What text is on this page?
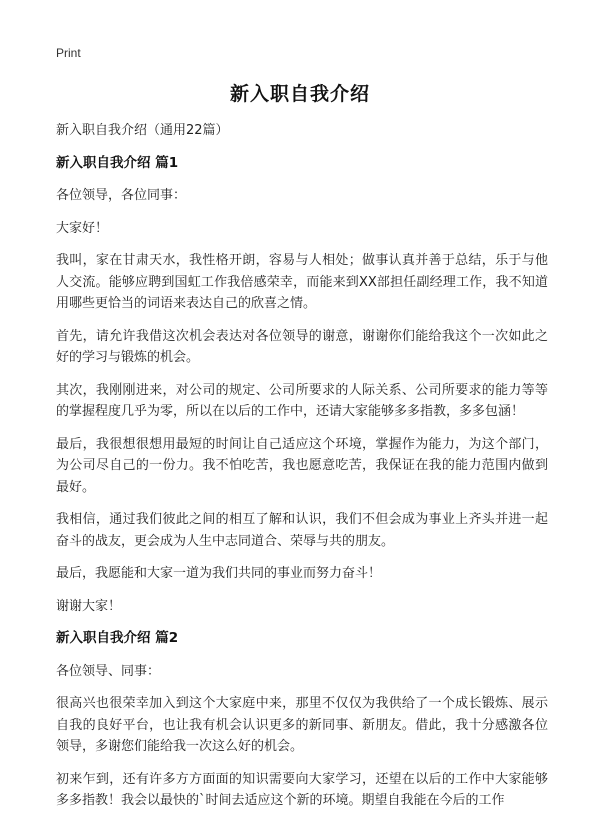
Print
新入职自我介绍

新入职自我介绍（通用22篇）

新入职自我介绍 篇1

各位领导，各位同事：

大家好！

我叫，家在甘肃天水，我性格开朗，容易与人相处；做事认真并善于总结，乐于与他人交流。能够应聘到国虹工作我倍感荣幸，而能来到XX部担任副经理工作，我不知道用哪些更恰当的词语来表达自己的欣喜之情。

首先，请允许我借这次机会表达对各位领导的谢意，谢谢你们能给我这个一次如此之好的学习与锻炼的机会。

其次，我刚刚进来，对公司的规定、公司所要求的人际关系、公司所要求的能力等等的掌握程度几乎为零，所以在以后的工作中，还请大家能够多多指教，多多包涵！

最后，我很想很想用最短的时间让自己适应这个环境，掌握作为能力，为这个部门，为公司尽自己的一份力。我不怕吃苦，我也愿意吃苦，我保证在我的能力范围内做到最好。

我相信，通过我们彼此之间的相互了解和认识，我们不但会成为事业上齐头并进一起奋斗的战友，更会成为人生中志同道合、荣辱与共的朋友。

最后，我愿能和大家一道为我们共同的事业而努力奋斗！

谢谢大家！

新入职自我介绍 篇2

各位领导、同事：

很高兴也很荣幸加入到这个大家庭中来，那里不仅仅为我供给了一个成长锻炼、展示自我的良好平台，也让我有机会认识更多的新同事、新朋友。借此，我十分感激各位领导，多谢您们能给我一次这么好的机会。

初来乍到，还有许多方方面面的知识需要向大家学习，还望在以后的工作中大家能够多多指教！我会以最快的`时间去适应这个新的环境。期望自我能在今后的工作
